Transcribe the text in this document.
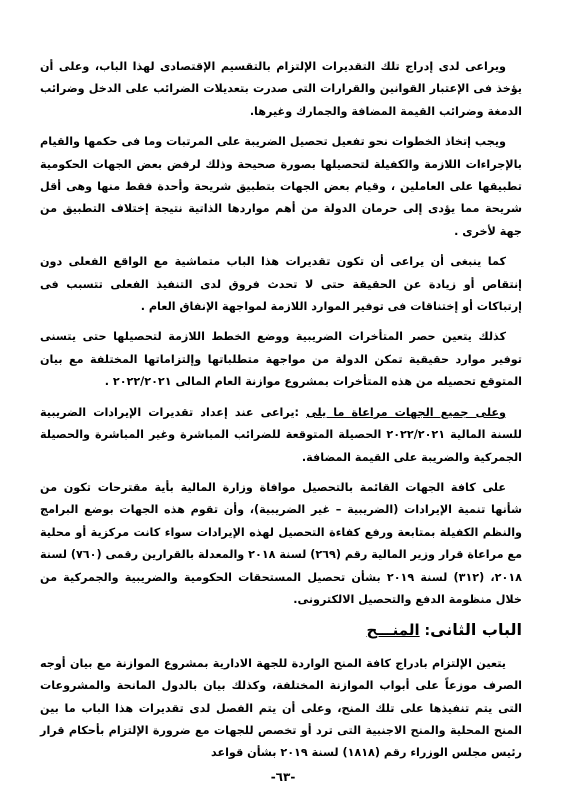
ويراعى لدى إدراج تلك التقديرات الإلتزام بالتقسيم الإقتصادى لهذا الباب، وعلى أن يؤخذ فى الإعتبار القوانين والقرارات التى صدرت بتعديلات الضرائب على الدخل وضرائب الدمغة وضرائب القيمة المضافة والجمارك وغيرها.

ويجب إتخاذ الخطوات نحو تفعيل تحصيل الضريبة على المرتبات وما فى حكمها والقيام بالإجراءات اللازمة والكفيلة لتحصيلها بصورة صحيحة وذلك لرفض بعض الجهات الحكومية تطبيقها على العاملين ، وقيام بعض الجهات بتطبيق شريحة وأحدة فقط منها وهى أقل شريحة مما يؤدى إلى حرمان الدولة من أهم مواردها الذاتية نتيجة إختلاف التطبيق من جهة لأخرى .

كما ينبغى أن يراعى أن تكون تقديرات هذا الباب متماشية مع الواقع الفعلى دون إنتقاص أو زيادة عن الحقيقة حتى لا تحدث فروق لدى التنفيذ الفعلى تتسبب فى إرتباكات أو إختناقات فى توفير الموارد اللازمة لمواجهة الإنفاق العام .

كذلك يتعين حصر المتأخرات الضريبية ووضع الخطط اللازمة لتحصيلها حتى يتسنى توفير موارد حقيقية تمكن الدولة من مواجهة متطلباتها وإلتزاماتها المختلفة مع بيان المتوقع تحصيله من هذه المتأخرات بمشروع موازنة العام المالى ٢٠٢٢/٢٠٢١ .

وعلى جميع الجهات مراعاة ما يلى :يراعى عند إعداد تقديرات الإيرادات الضريبية للسنة المالية ٢٠٢٢/٢٠٢١ الحصيلة المتوقعة للضرائب المباشرة وغير المباشرة والحصيلة الجمركية والضريبة على القيمة المضافة.

على كافة الجهات القائمة بالتحصيل موافاة وزارة المالية بأية مقترحات تكون من شأنها تنمية الإيرادات (الضريبية – غير الضريبية)، وأن تقوم هذه الجهات بوضع البرامج والنظم الكفيلة بمتابعة ورفع كفاءة التحصيل لهذه الإيرادات سواء كانت مركزية أو محلية مع مراعاة قرار وزير المالية رقم (٢٦٩) لسنة ٢٠١٨ والمعدلة بالقرارين رقمى (٧٦٠) لسنة ٢٠١٨، (٣١٢) لسنة ٢٠١٩ بشأن تحصيل المستحقات الحكومية والضريبية والجمركية من خلال منظومة الدفع والتحصيل الالكترونى.

الباب الثانى: المنـــح

يتعين الإلتزام بادراج كافة المنح الواردة للجهة الادارية بمشروع الموازنة مع بيان أوجه الصرف موزعاً على أبواب الموازنة المختلفة، وكذلك بيان بالدول المانحة والمشروعات التى يتم تنفيذها على تلك المنح، وعلى أن يتم الفصل لدى تقديرات هذا الباب ما بين المنح المحلية والمنح الاجنبية التى ترد أو تخصص للجهات مع ضرورة الإلتزام بأحكام قرار رئيس مجلس الوزراء رقم (١٨١٨) لسنة ٢٠١٩ بشأن قواعد

-٦٣-
